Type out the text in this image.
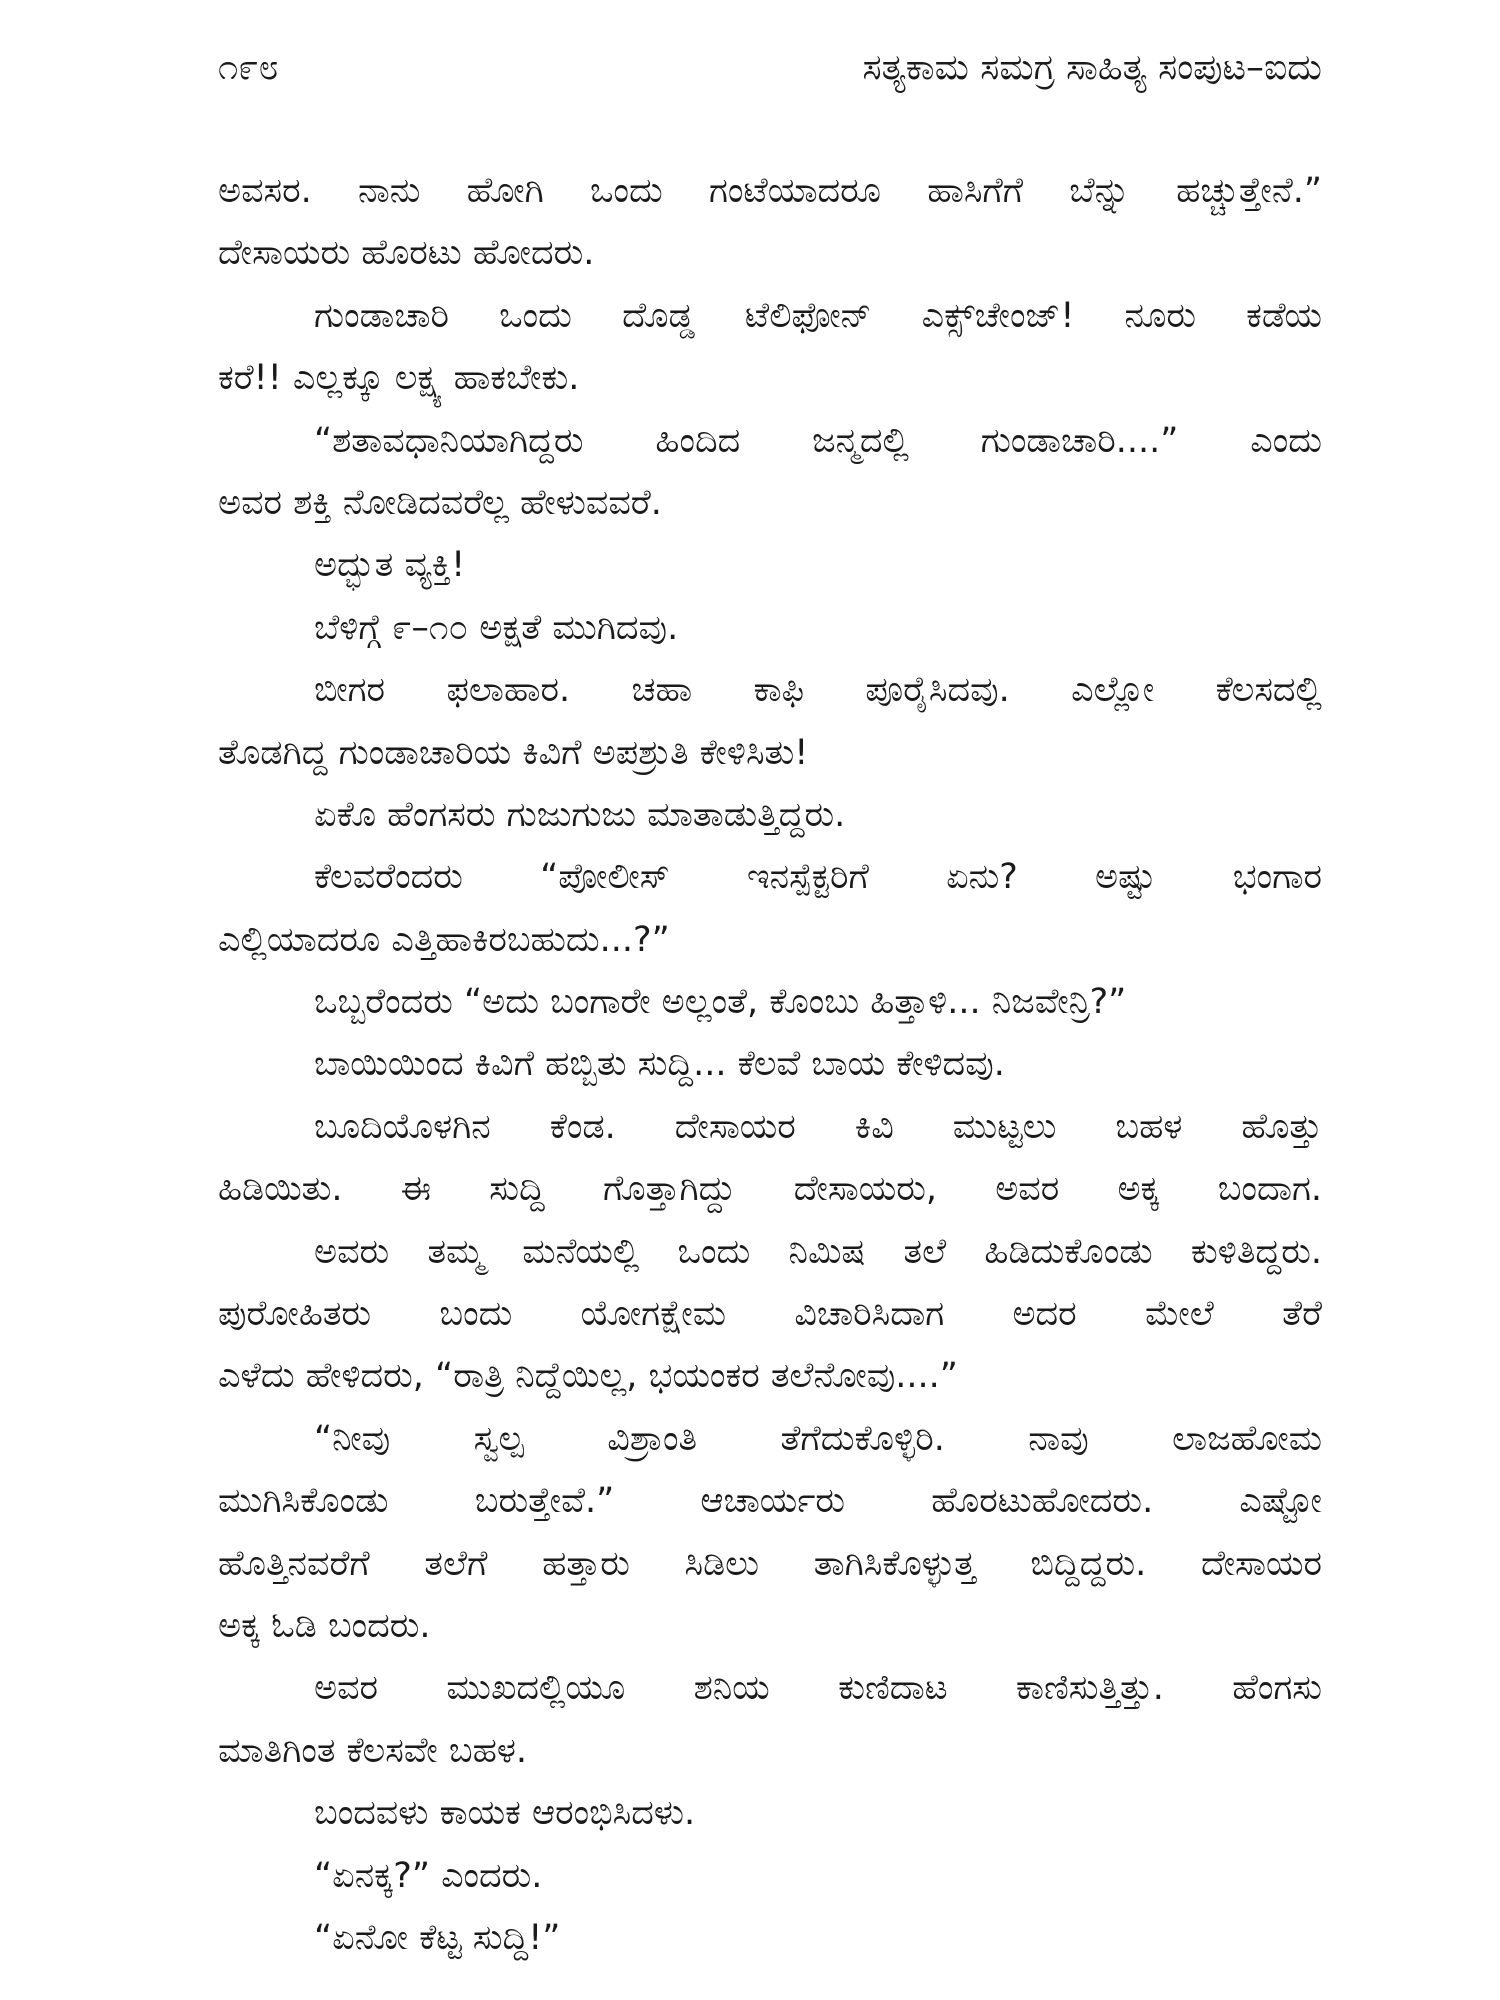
೧೯೮	ಸತ್ಯಕಾಮ ಸಮಗ್ರ ಸಾಹಿತ್ಯ ಸಂಪುಟ–ಐದು
ಅವಸರ. ನಾನು ಹೋಗಿ ಒಂದು ಗಂಟೆಯಾದರೂ ಹಾಸಿಗೆಗೆ ಬೆನ್ನು ಹಚ್ಚುತ್ತೇನೆ.”
ದೇಸಾಯರು ಹೊರಟು ಹೋದರು.
ಗುಂಡಾಚಾರಿ ಒಂದು ದೊಡ್ಡ ಟೆಲಿಫೋನ್ ಎಕ್ಸ್‌ಚೇಂಜ್! ನೂರು ಕಡೆಯ
ಕರೆ!! ಎಲ್ಲಕ್ಕೂ ಲಕ್ಷ್ಯ ಹಾಕಬೇಕು.
“ಶತಾವಧಾನಿಯಾಗಿದ್ದರು ಹಿಂದಿದ ಜನ್ಮದಲ್ಲಿ ಗುಂಡಾಚಾರಿ....” ಎಂದು
ಅವರ ಶಕ್ತಿ ನೋಡಿದವರೆಲ್ಲ ಹೇಳುವವರೆ.
ಅದ್ಭುತ ವ್ಯಕ್ತಿ!
ಬೆಳಿಗ್ಗೆ ೯–೧೦ ಅಕ್ಷತೆ ಮುಗಿದವು.
ಬೀಗರ ಫಲಾಹಾರ. ಚಹಾ ಕಾಫಿ ಪೂರೈಸಿದವು. ಎಲ್ಲೋ ಕೆಲಸದಲ್ಲಿ
ತೊಡಗಿದ್ದ ಗುಂಡಾಚಾರಿಯ ಕಿವಿಗೆ ಅಪಶ್ರುತಿ ಕೇಳಿಸಿತು!
ಏಕೊ ಹೆಂಗಸರು ಗುಜುಗುಜು ಮಾತಾಡುತ್ತಿದ್ದರು.
ಕೆಲವರೆಂದರು “ಪೋಲೀಸ್ ಇನಸ್ಪೆಕ್ಟರಿಗೆ ಏನು? ಅಷ್ಟು ಭಂಗಾರ
ಎಲ್ಲಿಯಾದರೂ ಎತ್ತಿಹಾಕಿರಬಹುದು...?”
ಒಬ್ಬರೆಂದರು “ಅದು ಬಂಗಾರೇ ಅಲ್ಲಂತೆ, ಕೊಂಬು ಹಿತ್ತಾಳಿ... ನಿಜವೇನ್ರಿ?”
ಬಾಯಿಯಿಂದ ಕಿವಿಗೆ ಹಬ್ಬಿತು ಸುದ್ದಿ... ಕೆಲವೆ ಬಾಯ ಕೇಳಿದವು.
ಬೂದಿಯೊಳಗಿನ ಕೆಂಡ. ದೇಸಾಯರ ಕಿವಿ ಮುಟ್ಟಲು ಬಹಳ ಹೊತ್ತು
ಹಿಡಿಯಿತು. ಈ ಸುದ್ದಿ ಗೊತ್ತಾಗಿದ್ದು ದೇಸಾಯರು, ಅವರ ಅಕ್ಕ ಬಂದಾಗ.
ಅವರು ತಮ್ಮ ಮನೆಯಲ್ಲಿ ಒಂದು ನಿಮಿಷ ತಲೆ ಹಿಡಿದುಕೊಂಡು ಕುಳಿತಿದ್ದರು.
ಪುರೋಹಿತರು ಬಂದು ಯೋಗಕ್ಷೇಮ ವಿಚಾರಿಸಿದಾಗ ಅದರ ಮೇಲೆ ತೆರೆ
ಎಳೆದು ಹೇಳಿದರು, “ರಾತ್ರಿ ನಿದ್ದೆಯಿಲ್ಲ, ಭಯಂಕರ ತಲೆನೋವು....”
“ನೀವು ಸ್ವಲ್ಪ ವಿಶ್ರಾಂತಿ ತೆಗೆದುಕೊಳ್ಳಿರಿ. ನಾವು ಲಾಜಹೋಮ
ಮುಗಿಸಿಕೊಂಡು ಬರುತ್ತೇವೆ.” ಆಚಾರ್ಯರು ಹೊರಟುಹೋದರು. ಎಷ್ಟೋ
ಹೊತ್ತಿನವರೆಗೆ ತಲೆಗೆ ಹತ್ತಾರು ಸಿಡಿಲು ತಾಗಿಸಿಕೊಳ್ಳುತ್ತ ಬಿದ್ದಿದ್ದರು. ದೇಸಾಯರ
ಅಕ್ಕ ಓಡಿ ಬಂದರು.
ಅವರ ಮುಖದಲ್ಲಿಯೂ ಶನಿಯ ಕುಣಿದಾಟ ಕಾಣಿಸುತ್ತಿತ್ತು. ಹೆಂಗಸು
ಮಾತಿಗಿಂತ ಕೆಲಸವೇ ಬಹಳ.
ಬಂದವಳು ಕಾಯಕ ಆರಂಭಿಸಿದಳು.
“ಏನಕ್ಕ?” ಎಂದರು.
“ಏನೋ ಕೆಟ್ಟ ಸುದ್ದಿ!”
